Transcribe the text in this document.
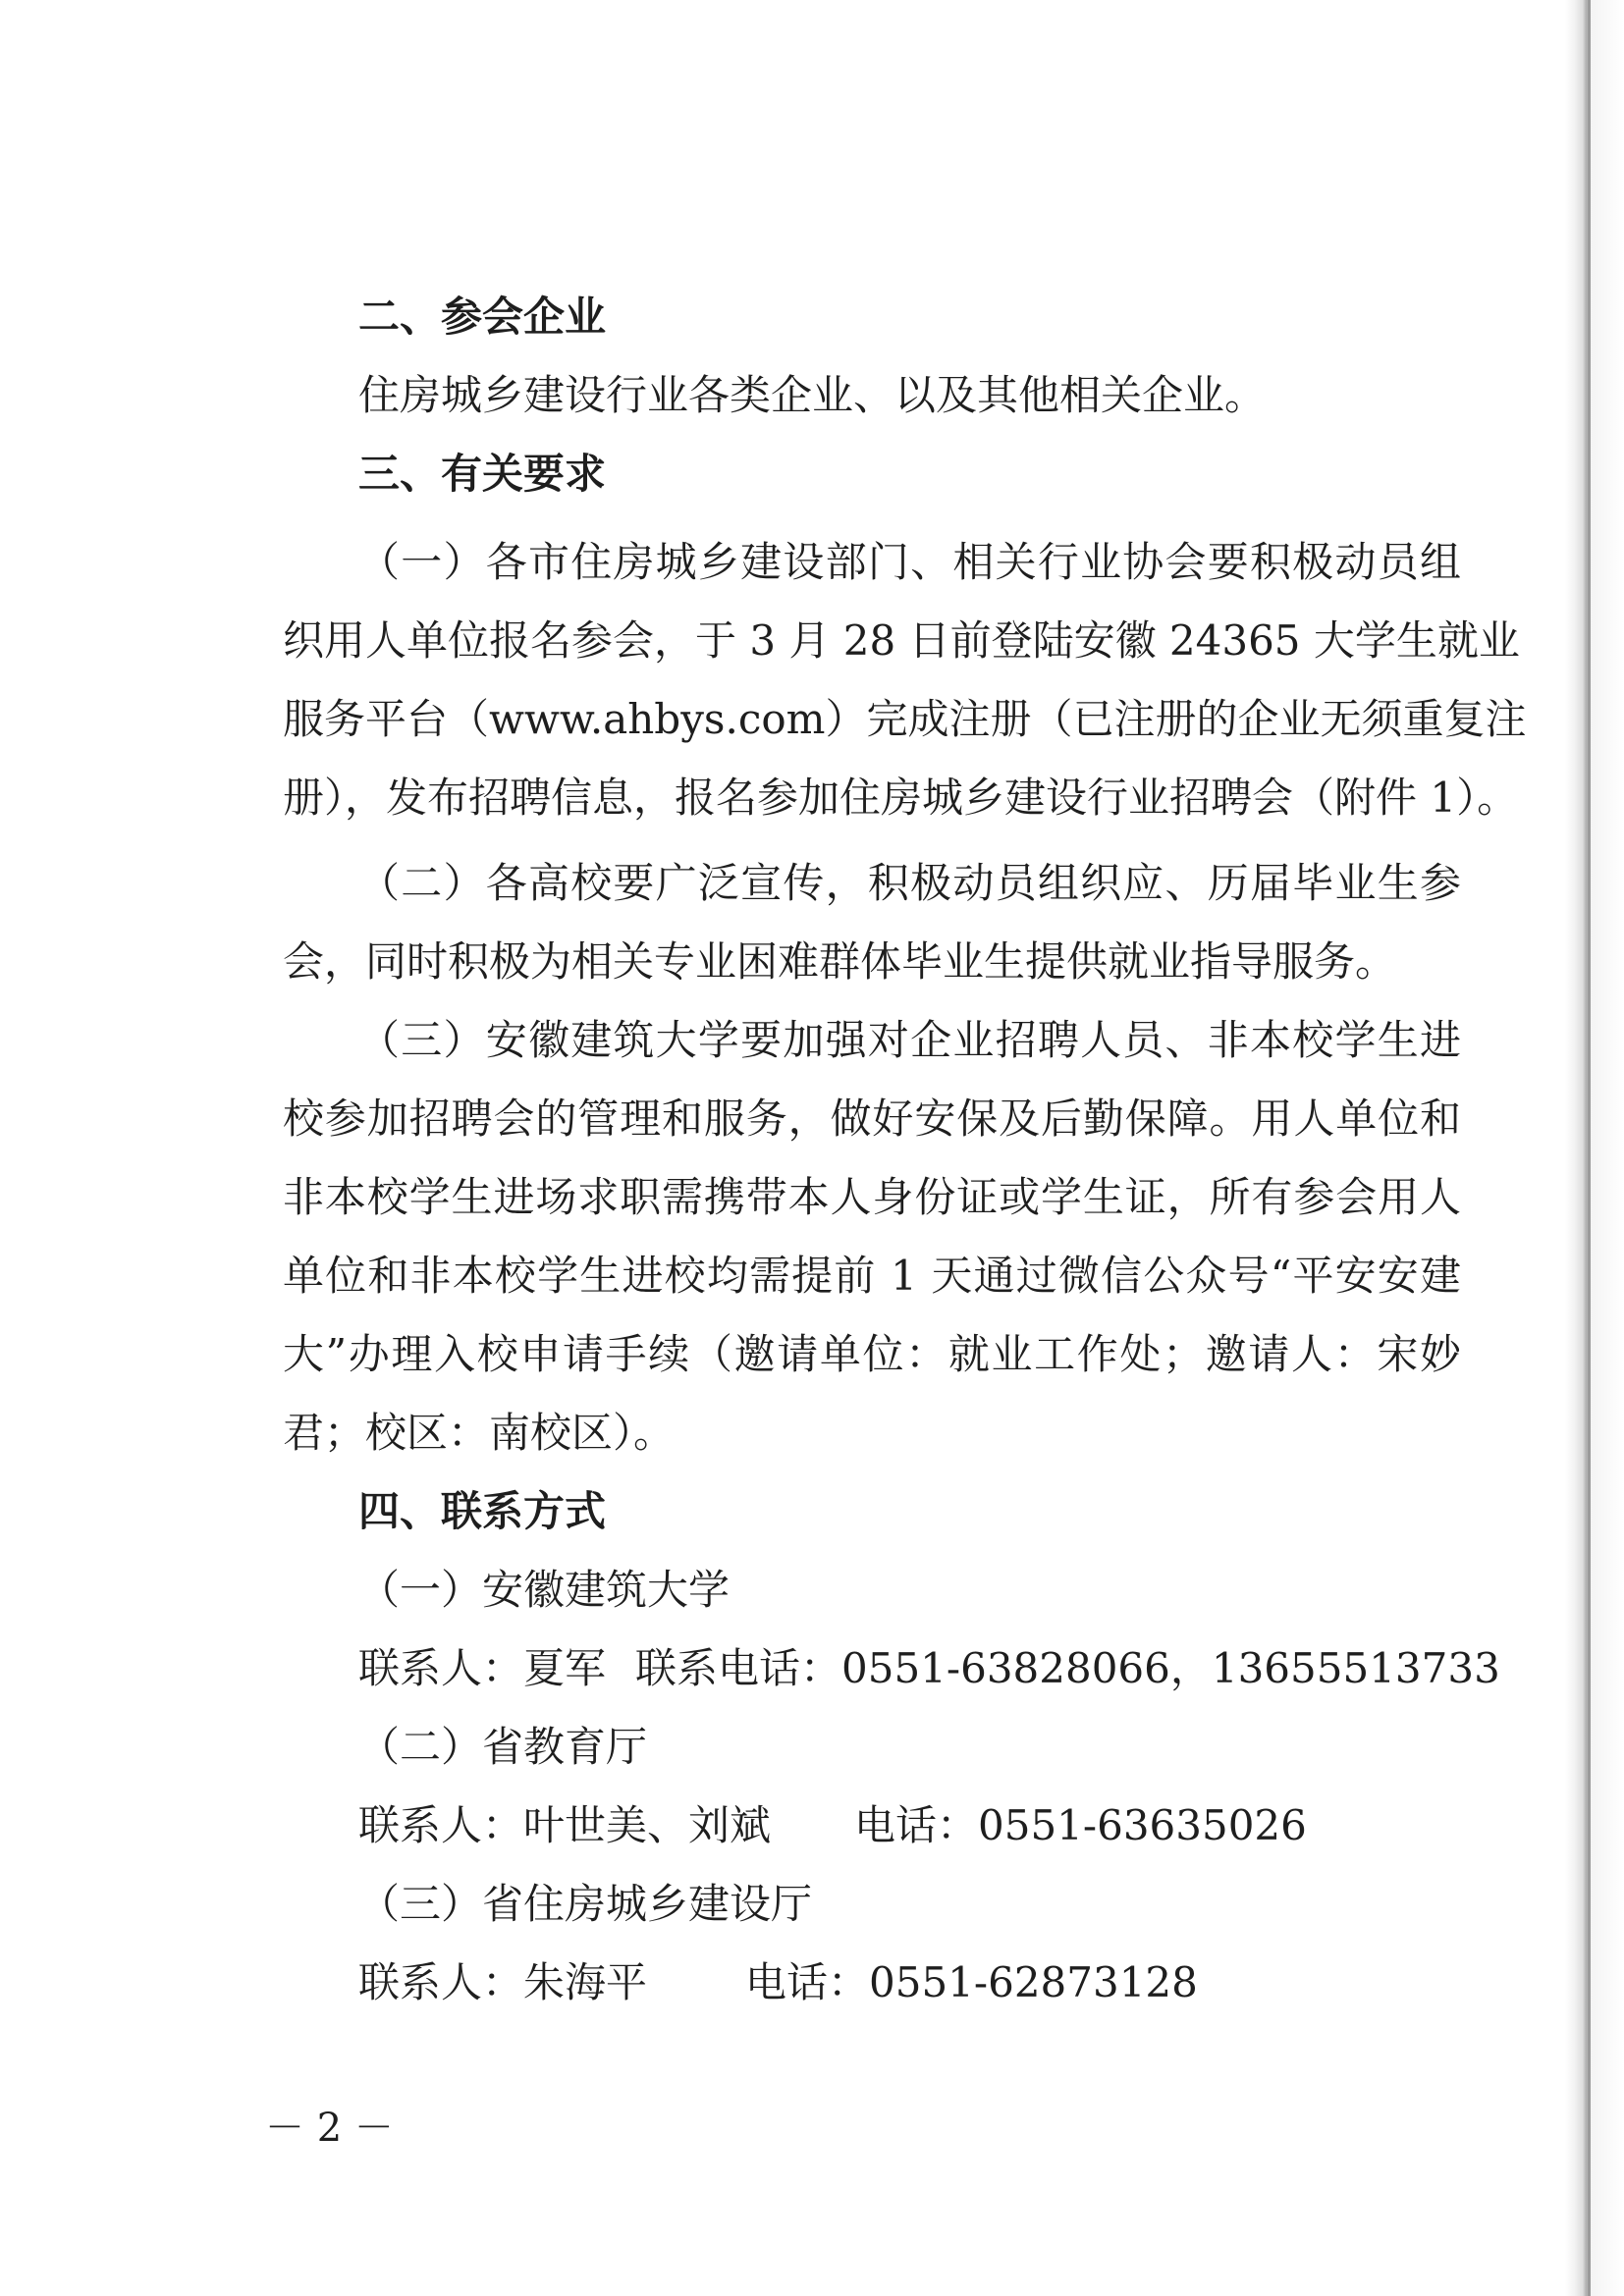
二、参会企业
住房城乡建设行业各类企业、以及其他相关企业。
三、有关要求
（一）各市住房城乡建设部门、相关行业协会要积极动员组
织用人单位报名参会，于 3 月 28 日前登陆安徽 24365 大学生就业
服务平台（www.ahbys.com）完成注册（已注册的企业无须重复注
册），发布招聘信息，报名参加住房城乡建设行业招聘会（附件 1）。
（二）各高校要广泛宣传，积极动员组织应、历届毕业生参
会，同时积极为相关专业困难群体毕业生提供就业指导服务。
（三）安徽建筑大学要加强对企业招聘人员、非本校学生进
校参加招聘会的管理和服务，做好安保及后勤保障。用人单位和
非本校学生进场求职需携带本人身份证或学生证，所有参会用人
单位和非本校学生进校均需提前 1 天通过微信公众号“平安安建
大”办理入校申请手续（邀请单位：就业工作处；邀请人：宋妙
君；校区：南校区）。
四、联系方式
（一）安徽建筑大学
联系人：夏军 联系电话：0551-63828066，13655513733
（二）省教育厅
联系人：叶世美、刘斌 电话：0551-63635026
（三）省住房城乡建设厅
联系人：朱海平 电话：0551-62873128
－ 2 －
